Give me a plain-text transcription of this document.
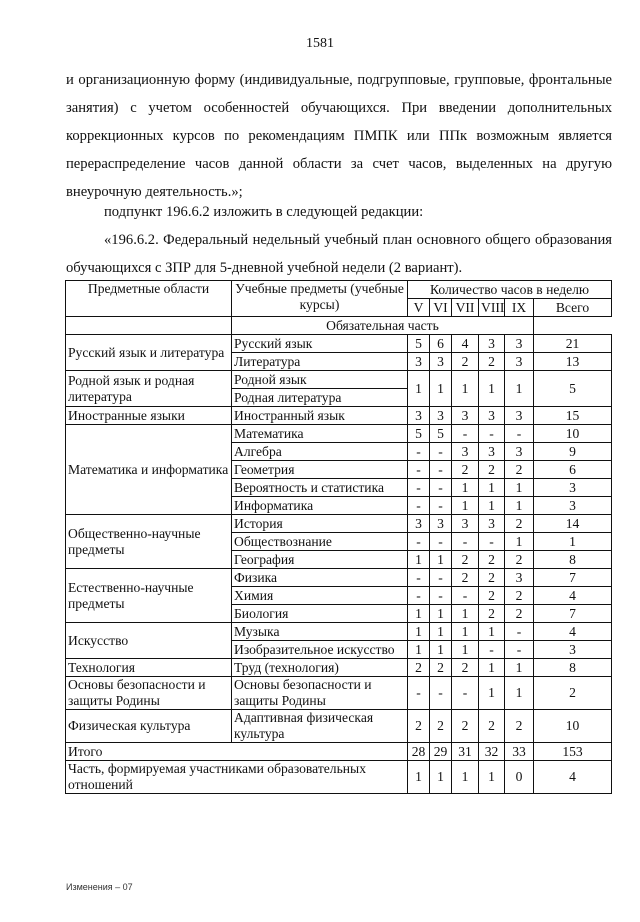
1581
и организационную форму (индивидуальные, подгрупповые, групповые, фронтальные занятия) с учетом особенностей обучающихся. При введении дополнительных коррекционных курсов по рекомендациям ПМПК или ППк возможным является перераспределение часов данной области за счет часов, выделенных на другую внеурочную деятельность.»;
подпункт 196.6.2 изложить в следующей редакции:
«196.6.2. Федеральный недельный учебный план основного общего образования обучающихся с ЗПР для 5-дневной учебной недели (2 вариант).
Предметные области	Учебные предметы (учебные курсы)	Количество часов в неделю					
		V	VI	VII	VIII	IX	Всего
	Обязательная часть						
Русский язык и литература	Русский язык	5	6	4	3	3	21
	Литература	3	3	2	2	3	13
Родной язык и родная литература	Родной язык	1	1	1	1	1	5
	Родная литература						
Иностранные языки	Иностранный язык	3	3	3	3	3	15
Математика и информатика	Математика	5	5	-	-	-	10
	Алгебра	-	-	3	3	3	9
	Геометрия	-	-	2	2	2	6
	Вероятность и статистика	-	-	1	1	1	3
	Информатика	-	-	1	1	1	3
Общественно-научные предметы	История	3	3	3	3	2	14
	Обществознание	-	-	-	-	1	1
	География	1	1	2	2	2	8
Естественно-научные предметы	Физика	-	-	2	2	3	7
	Химия	-	-	-	2	2	4
	Биология	1	1	1	2	2	7
Искусство	Музыка	1	1	1	1	-	4
	Изобразительное искусство	1	1	1	-	-	3
Технология	Труд (технология)	2	2	2	1	1	8
Основы безопасности и защиты Родины	Основы безопасности и защиты Родины	-	-	-	1	1	2
Физическая культура	Адаптивная физическая культура	2	2	2	2	2	10
Итого		28	29	31	32	33	153
Часть, формируемая участниками образовательных отношений		1	1	1	1	0	4
Изменения – 07
